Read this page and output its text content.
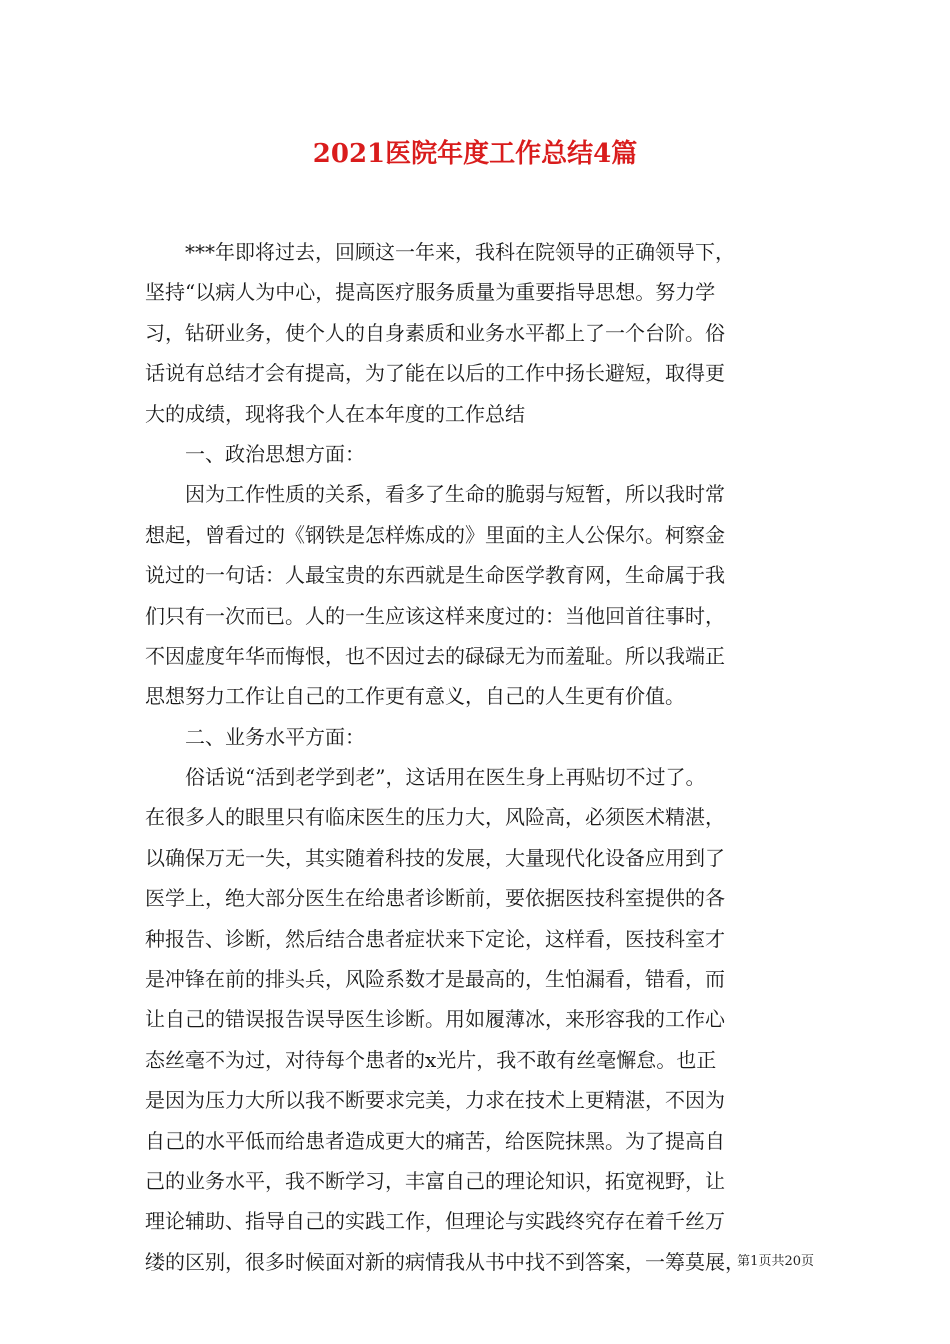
2021医院年度工作总结4篇
　　***年即将过去，回顾这一年来，我科在院领导的正确领导下，
坚持“以病人为中心，提高医疗服务质量为重要指导思想。努力学
习，钻研业务，使个人的自身素质和业务水平都上了一个台阶。俗
话说有总结才会有提高，为了能在以后的工作中扬长避短，取得更
大的成绩，现将我个人在本年度的工作总结
　　一、政治思想方面：
　　因为工作性质的关系，看多了生命的脆弱与短暂，所以我时常
想起，曾看过的《钢铁是怎样炼成的》里面的主人公保尔。柯察金
说过的一句话：人最宝贵的东西就是生命医学教育网，生命属于我
们只有一次而已。人的一生应该这样来度过的：当他回首往事时，
不因虚度年华而悔恨，也不因过去的碌碌无为而羞耻。所以我端正
思想努力工作让自己的工作更有意义，自己的人生更有价值。
　　二、业务水平方面：
　　俗话说“活到老学到老”，这话用在医生身上再贴切不过了。
在很多人的眼里只有临床医生的压力大，风险高，必须医术精湛，
以确保万无一失，其实随着科技的发展，大量现代化设备应用到了
医学上，绝大部分医生在给患者诊断前，要依据医技科室提供的各
种报告、诊断，然后结合患者症状来下定论，这样看，医技科室才
是冲锋在前的排头兵，风险系数才是最高的，生怕漏看，错看，而
让自己的错误报告误导医生诊断。用如履薄冰，来形容我的工作心
态丝毫不为过，对待每个患者的x光片，我不敢有丝毫懈怠。也正
是因为压力大所以我不断要求完美，力求在技术上更精湛，不因为
自己的水平低而给患者造成更大的痛苦，给医院抹黑。为了提高自
己的业务水平，我不断学习，丰富自己的理论知识，拓宽视野，让
理论辅助、指导自己的实践工作，但理论与实践终究存在着千丝万
缕的区别，很多时候面对新的病情我从书中找不到答案，一筹莫展，
第1页共20页
